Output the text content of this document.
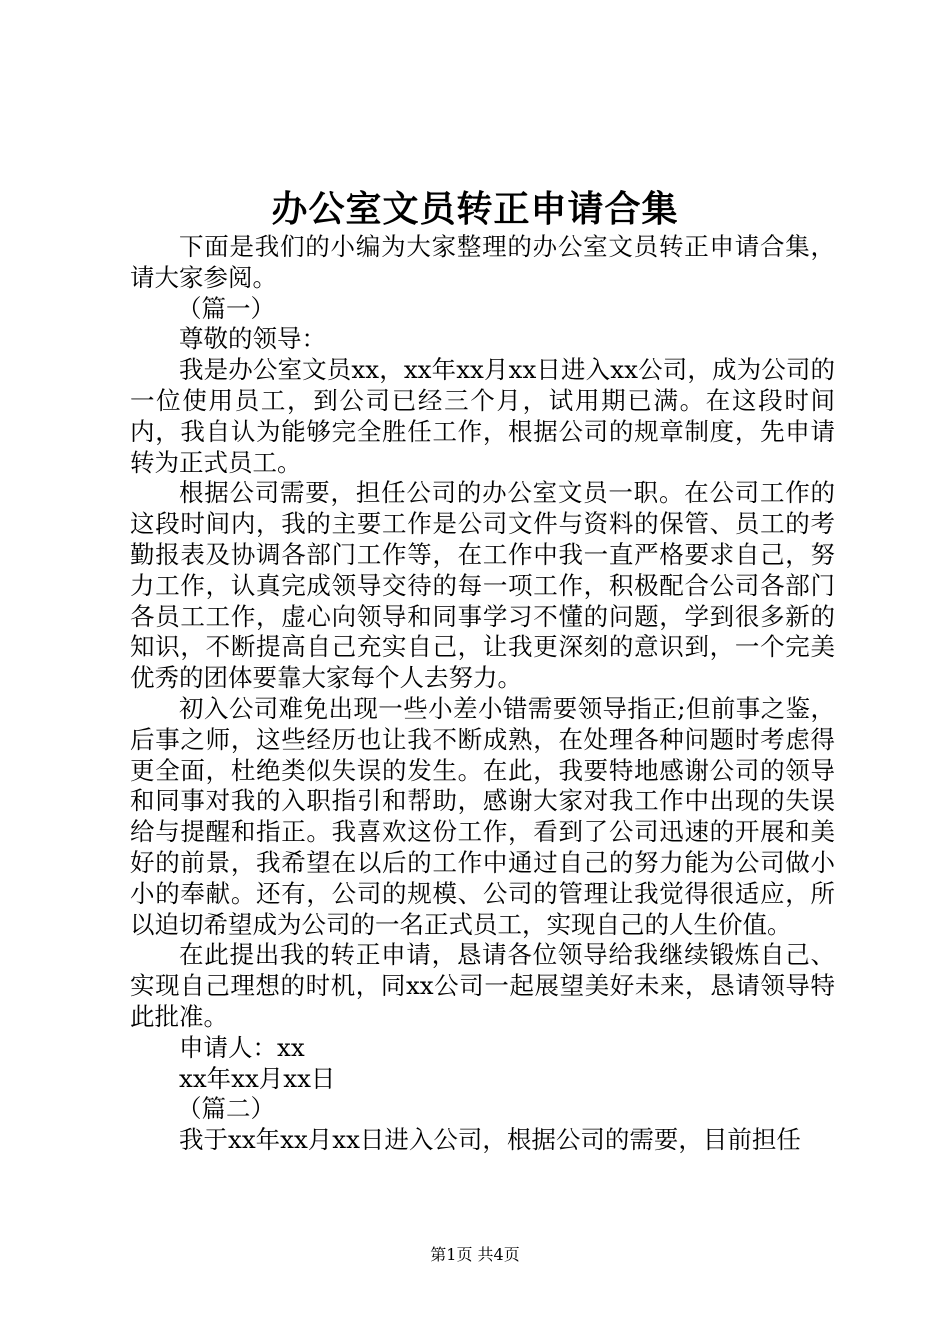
办公室文员转正申请合集

下面是我们的小编为大家整理的办公室文员转正申请合集，请大家参阅。

（篇一）

尊敬的领导：

我是办公室文员xx，xx年xx月xx日进入xx公司，成为公司的一位使用员工，到公司已经三个月，试用期已满。在这段时间内，我自认为能够完全胜任工作，根据公司的规章制度，先申请转为正式员工。

根据公司需要，担任公司的办公室文员一职。在公司工作的这段时间内，我的主要工作是公司文件与资料的保管、员工的考勤报表及协调各部门工作等，在工作中我一直严格要求自己，努力工作，认真完成领导交待的每一项工作，积极配合公司各部门各员工工作，虚心向领导和同事学习不懂的问题，学到很多新的知识，不断提高自己充实自己，让我更深刻的意识到，一个完美优秀的团体要靠大家每个人去努力。

初入公司难免出现一些小差小错需要领导指正;但前事之鉴，后事之师，这些经历也让我不断成熟，在处理各种问题时考虑得更全面，杜绝类似失误的发生。在此，我要特地感谢公司的领导和同事对我的入职指引和帮助，感谢大家对我工作中出现的失误给与提醒和指正。我喜欢这份工作，看到了公司迅速的开展和美好的前景，我希望在以后的工作中通过自己的努力能为公司做小小的奉献。还有，公司的规模、公司的管理让我觉得很适应，所以迫切希望成为公司的一名正式员工，实现自己的人生价值。

在此提出我的转正申请，恳请各位领导给我继续锻炼自己、实现自己理想的时机，同xx公司一起展望美好未来，恳请领导特此批准。

申请人：xx

xx年xx月xx日

（篇二）

我于xx年xx月xx日进入公司，根据公司的需要，目前担任

第1页 共4页
